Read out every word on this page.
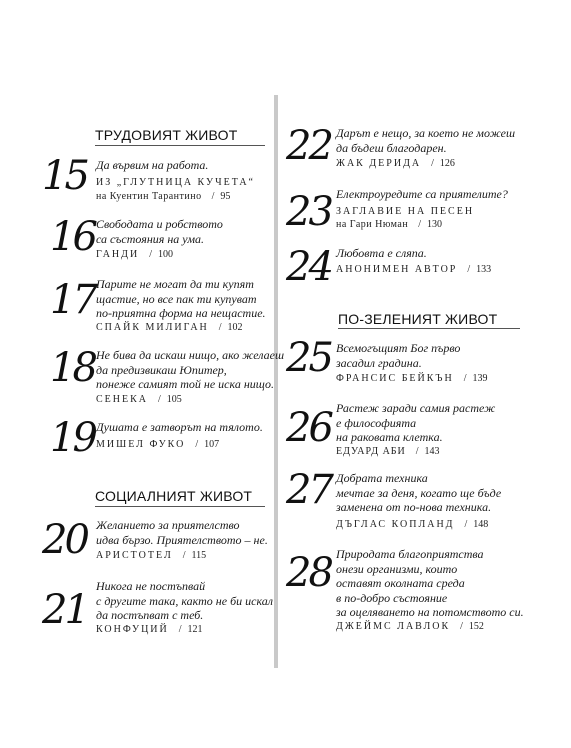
ТРУДОВИЯТ ЖИВОТ
СОЦИАЛНИЯТ ЖИВОТ
ПО-ЗЕЛЕНИЯТ ЖИВОТ
15 Да вървим на работа.
ИЗ „ГЛУТНИЦА КУЧЕТА“
на Куентин Тарантино / 95
16 Свободата и робството
са състояния на ума.
ГАНДИ / 100
17 Парите не могат да ти купят
щастие, но все пак ти купуват
по-приятна форма на нещастие.
СПАЙК МИЛИГАН / 102
18 Не бива да искаш нищо, ако желаеш
да предизвикаш Юпитер,
понеже самият той не иска нищо.
СЕНЕКА / 105
19 Душата е затворът на тялото.
МИШЕЛ ФУКО / 107
20 Желанието за приятелство
идва бързо. Приятелството – не.
АРИСТОТЕЛ / 115
21
Никога не постъпвай
с другите така, както не би искал
да постъпват с теб.
КОНФУЦИЙ / 121
22 Дарът е нещо, за което не можеш
да бъдеш благодарен.
ЖАК ДЕРИДА / 126
23 Електроуредите са приятелите?
ЗАГЛАВИЕ НА ПЕСЕН
на Гари Нюман / 130
24 Любовта е сляпа.
АНОНИМЕН АВТОР / 133
25 Всемогъщият Бог първо
засадил градина.
ФРАНСИС БЕЙКЪН / 139
26 Растеж заради самия растеж
е философията
на раковата клетка.
ЕДУАРД АБИ / 143
27 Добрата техника
мечтае за деня, когато ще бъде
заменена от по-нова техника.
ДЪГЛАС КОПЛАНД / 148
28 Природата благоприятства
онези организми, които
оставят околната среда
в по-добро състояние
за оцеляването на потомството си.
ДЖЕЙМС ЛАВЛОК / 152
